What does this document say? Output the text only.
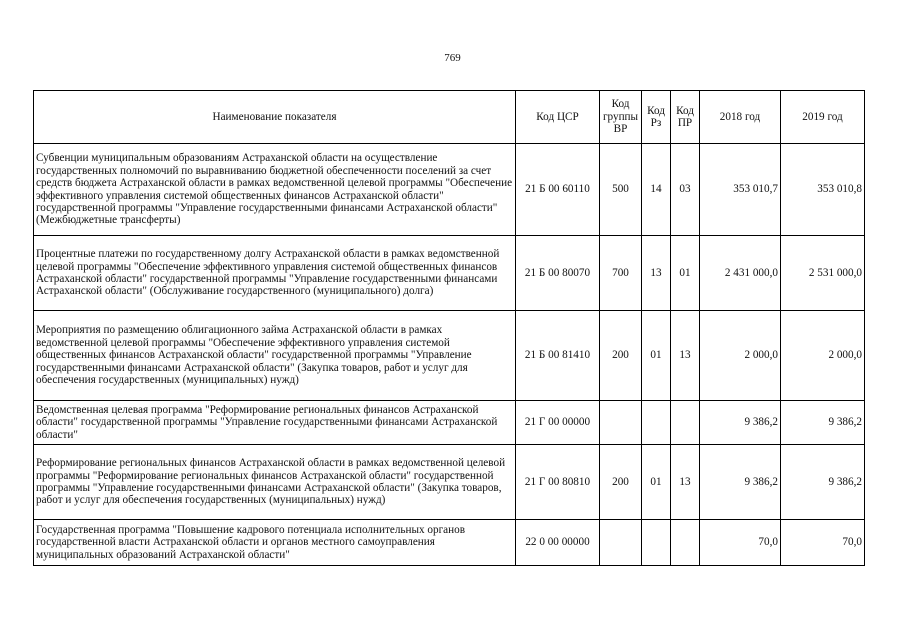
769
Наименование показателя	Код ЦСР	Код группы ВР	Код Рз	Код ПР	2018 год	2019 год
Субвенции муниципальным образованиям Астраханской области на осуществление государственных полномочий по выравниванию бюджетной обеспеченности поселений за счет средств бюджета Астраханской области в рамках ведомственной целевой программы "Обеспечение эффективного управления системой общественных финансов Астраханской области" государственной программы "Управление государственными финансами Астраханской области" (Межбюджетные трансферты)	21 Б 00 60110	500	14	03	353 010,7	353 010,8
Процентные платежи по государственному долгу Астраханской области в рамках ведомственной целевой программы "Обеспечение эффективного управления системой общественных финансов Астраханской области" государственной программы "Управление государственными финансами Астраханской области" (Обслуживание государственного (муниципального) долга)	21 Б 00 80070	700	13	01	2 431 000,0	2 531 000,0
Мероприятия по размещению облигационного займа Астраханской области в рамках ведомственной целевой программы "Обеспечение эффективного управления системой общественных финансов Астраханской области" государственной программы "Управление государственными финансами Астраханской области" (Закупка товаров, работ и услуг для обеспечения государственных (муниципальных) нужд)	21 Б 00 81410	200	01	13	2 000,0	2 000,0
Ведомственная целевая программа "Реформирование региональных финансов Астраханской области" государственной программы "Управление государственными финансами Астраханской области"	21 Г 00 00000				9 386,2	9 386,2
Реформирование региональных финансов Астраханской области в рамках ведомственной целевой программы "Реформирование региональных финансов Астраханской области" государственной программы "Управление государственными финансами Астраханской области" (Закупка товаров, работ и услуг для обеспечения государственных (муниципальных) нужд)	21 Г 00 80810	200	01	13	9 386,2	9 386,2
Государственная программа "Повышение кадрового потенциала исполнительных органов государственной власти Астраханской области и органов местного самоуправления муниципальных образований Астраханской области"	22 0 00 00000				70,0	70,0
